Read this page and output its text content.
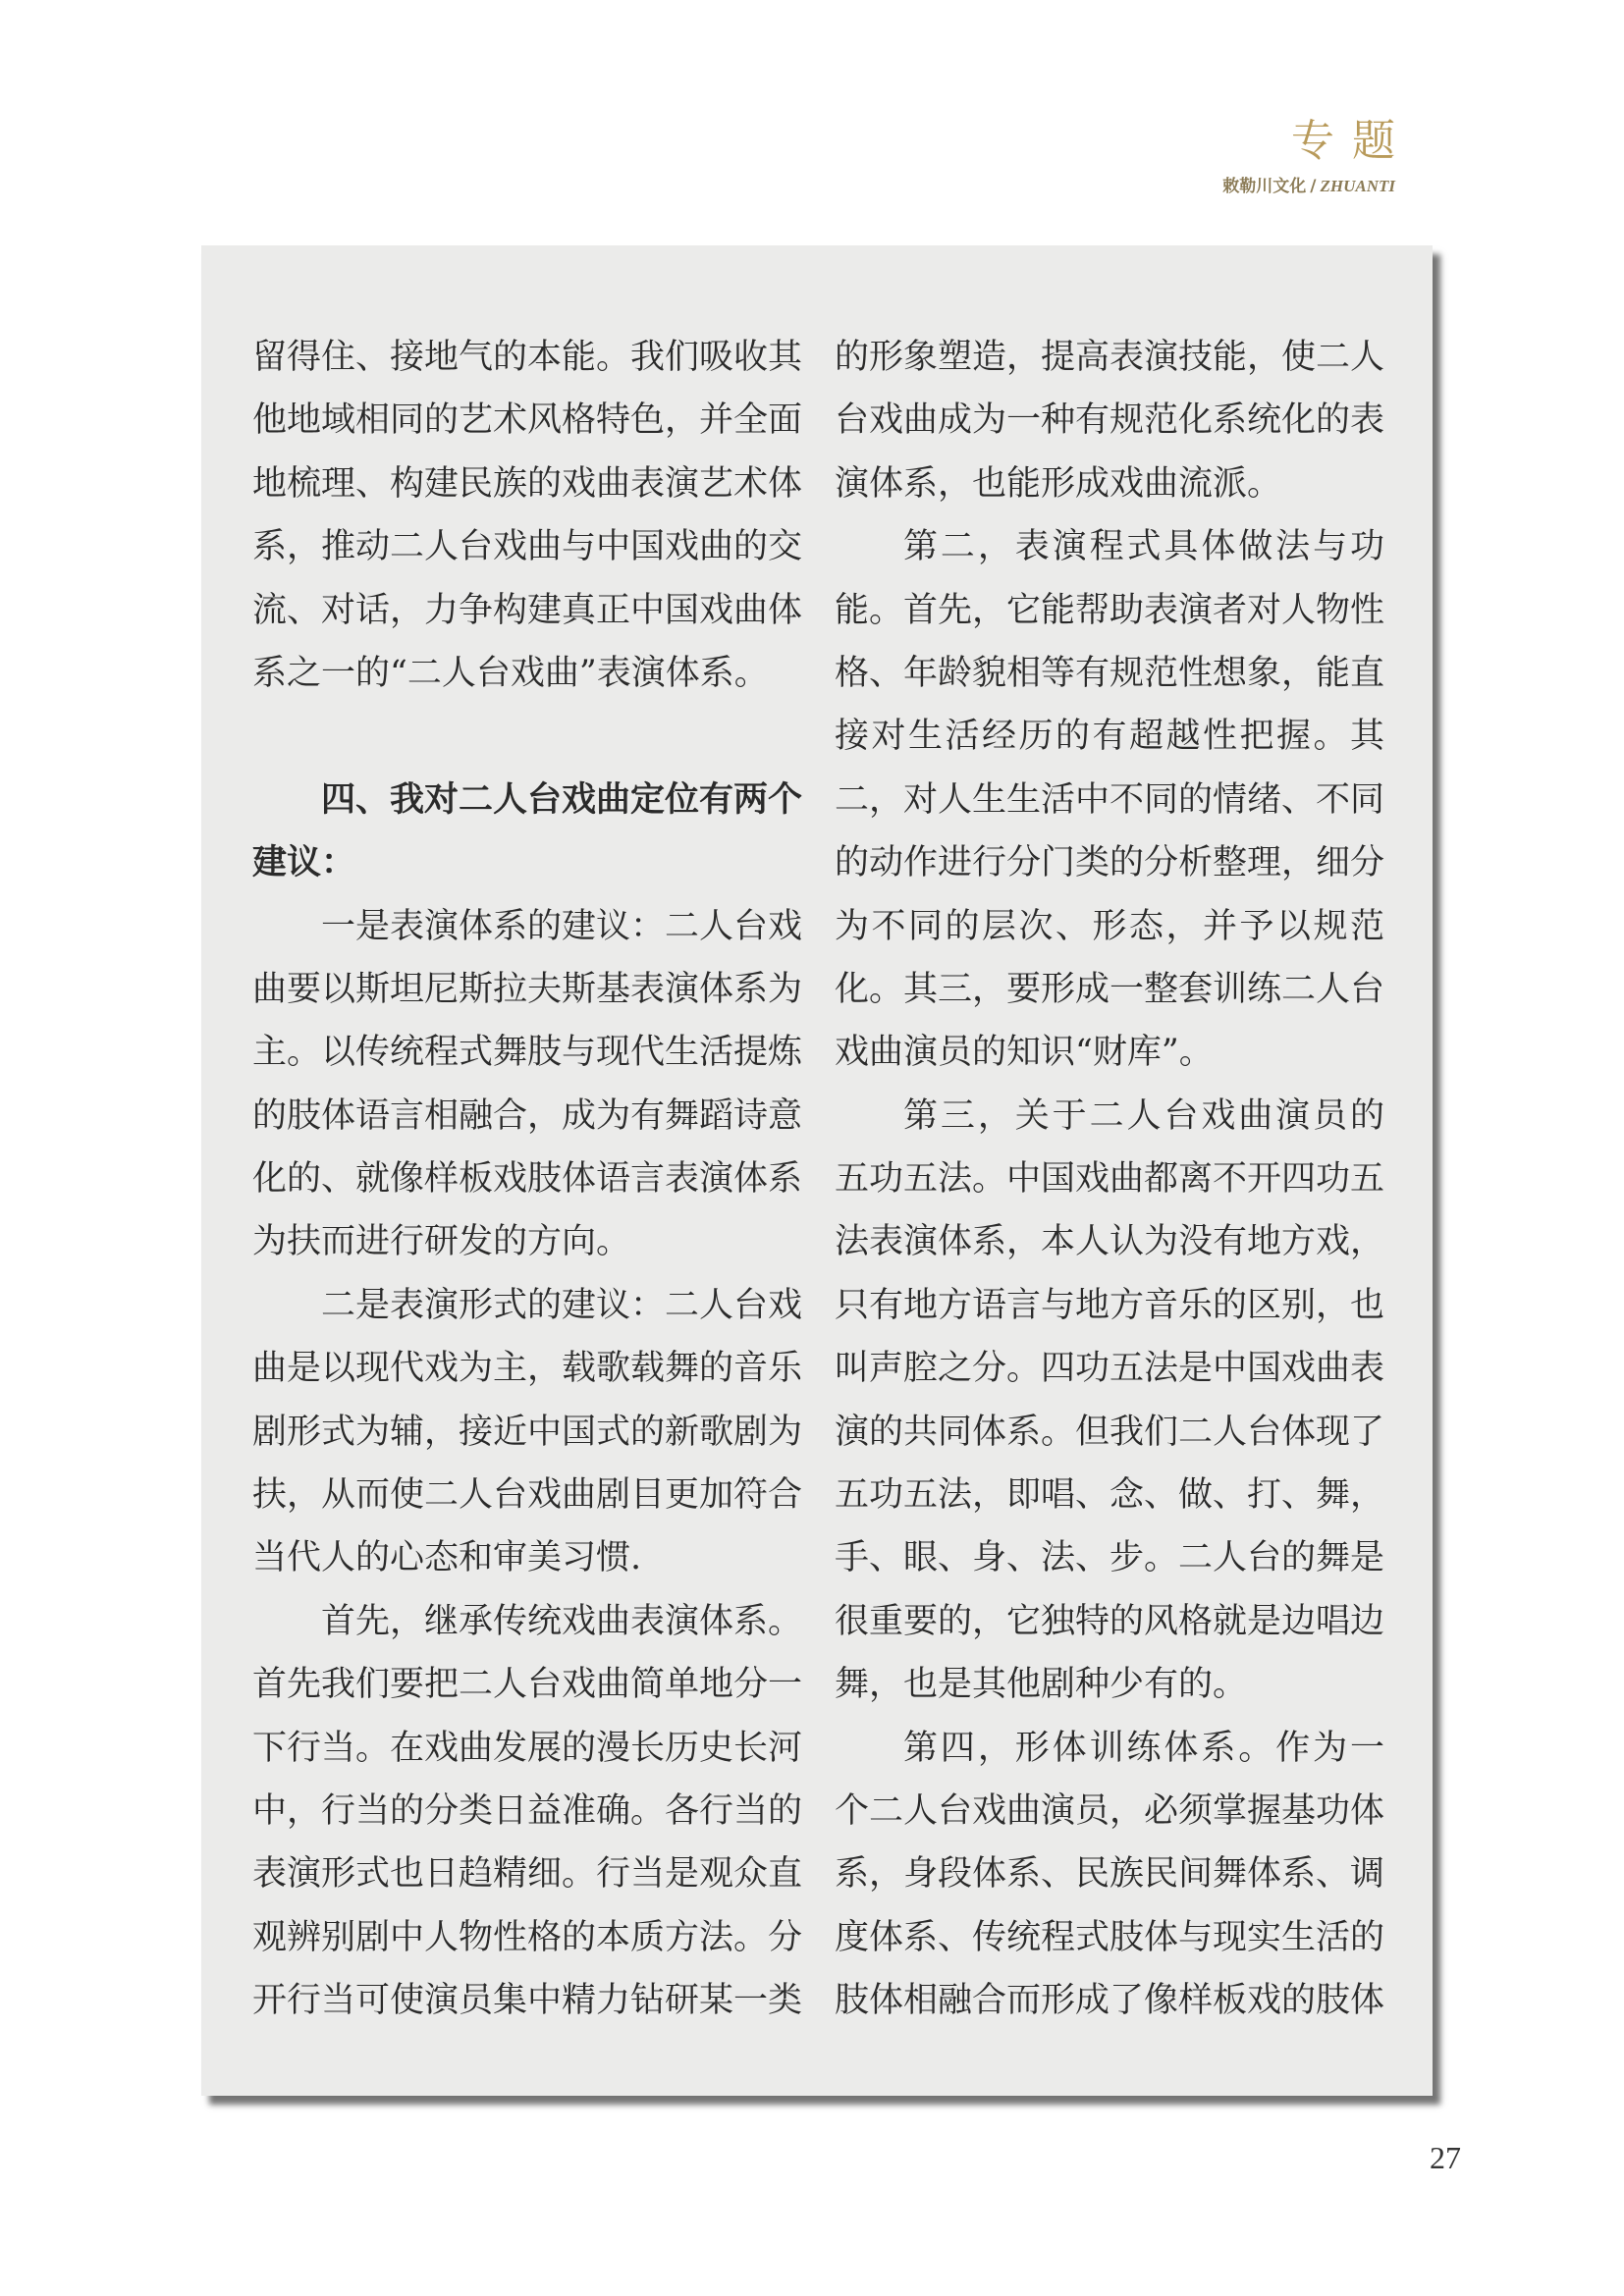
专题
敕勒川文化 / ZHUANTI
留得住、接地气的本能。我们吸收其
他地域相同的艺术风格特色，并全面
地梳理、构建民族的戏曲表演艺术体
系，推动二人台戏曲与中国戏曲的交
流、对话，力争构建真正中国戏曲体
系之一的“二人台戏曲”表演体系。
四、我对二人台戏曲定位有两个
建议：
一是表演体系的建议：二人台戏
曲要以斯坦尼斯拉夫斯基表演体系为
主。以传统程式舞肢与现代生活提炼
的肢体语言相融合，成为有舞蹈诗意
化的、就像样板戏肢体语言表演体系
为扶而进行研发的方向。
二是表演形式的建议：二人台戏
曲是以现代戏为主，载歌载舞的音乐
剧形式为辅，接近中国式的新歌剧为
扶，从而使二人台戏曲剧目更加符合
当代人的心态和审美习惯.
首先，继承传统戏曲表演体系。
首先我们要把二人台戏曲简单地分一
下行当。在戏曲发展的漫长历史长河
中，行当的分类日益准确。各行当的
表演形式也日趋精细。行当是观众直
观辨别剧中人物性格的本质方法。分
开行当可使演员集中精力钻研某一类
的形象塑造，提高表演技能，使二人
台戏曲成为一种有规范化系统化的表
演体系，也能形成戏曲流派。
第二，表演程式具体做法与功
能。首先，它能帮助表演者对人物性
格、年龄貌相等有规范性想象，能直
接对生活经历的有超越性把握。其
二，对人生生活中不同的情绪、不同
的动作进行分门类的分析整理，细分
为不同的层次、形态，并予以规范
化。其三，要形成一整套训练二人台
戏曲演员的知识“财库”。
第三，关于二人台戏曲演员的
五功五法。中国戏曲都离不开四功五
法表演体系，本人认为没有地方戏，
只有地方语言与地方音乐的区别，也
叫声腔之分。四功五法是中国戏曲表
演的共同体系。但我们二人台体现了
五功五法，即唱、念、做、打、舞，
手、眼、身、法、步。二人台的舞是
很重要的，它独特的风格就是边唱边
舞，也是其他剧种少有的。
第四，形体训练体系。作为一
个二人台戏曲演员，必须掌握基功体
系，身段体系、民族民间舞体系、调
度体系、传统程式肢体与现实生活的
肢体相融合而形成了像样板戏的肢体
27
